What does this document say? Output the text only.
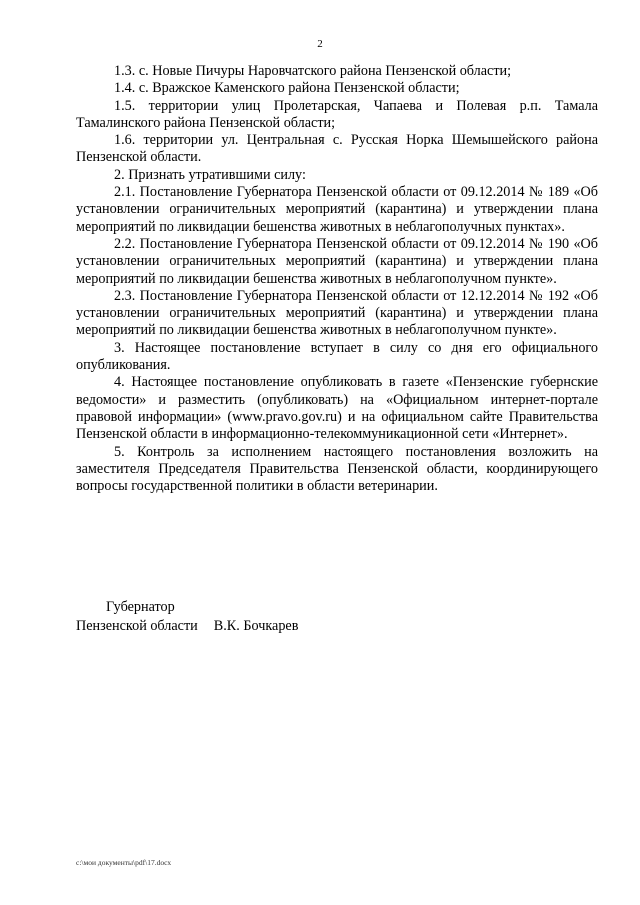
2

1.3. с. Новые Пичуры Наровчатского района Пензенской области;

1.4. с. Вражское Каменского района Пензенской области;

1.5. территории улиц Пролетарская, Чапаева и Полевая р.п. Тамала Тамалинского района Пензенской области;

1.6. территории ул. Центральная с. Русская Норка Шемышейского района Пензенской области.

2. Признать утратившими силу:

2.1. Постановление Губернатора Пензенской области от 09.12.2014 № 189 «Об установлении ограничительных мероприятий (карантина) и утверждении плана мероприятий по ликвидации бешенства животных в неблагополучных пунктах».

2.2. Постановление Губернатора Пензенской области от 09.12.2014 № 190 «Об установлении ограничительных мероприятий (карантина) и утверждении плана мероприятий по ликвидации бешенства животных в неблагополучном пункте».

2.3. Постановление Губернатора Пензенской области от 12.12.2014 № 192 «Об установлении ограничительных мероприятий (карантина) и утверждении плана мероприятий по ликвидации бешенства животных в неблагополучном пункте».

3. Настоящее постановление вступает в силу со дня его официального опубликования.

4. Настоящее постановление опубликовать в газете «Пензенские губернские ведомости» и разместить (опубликовать) на «Официальном интернет-портале правовой информации» (www.pravo.gov.ru) и на официальном сайте Правительства Пензенской области в информационно-телекоммуникационной сети «Интернет».

5. Контроль за исполнением настоящего постановления возложить на заместителя Председателя Правительства Пензенской области, координирующего вопросы государственной политики в области ветеринарии.

Губернатор

Пензенской области В.К. Бочкарев

c:\мои документы\pdf\17.docx
